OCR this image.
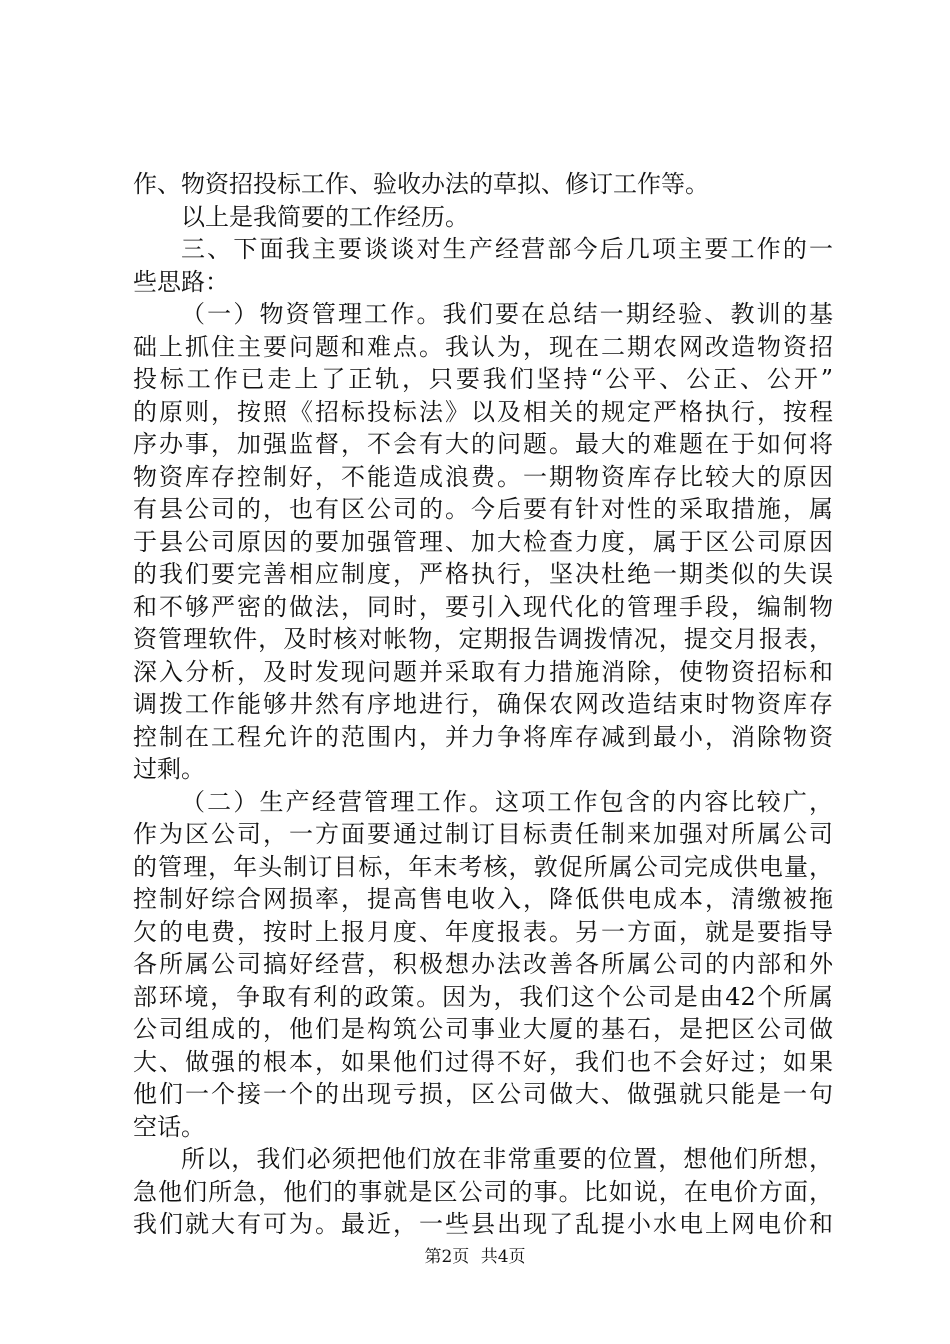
作、物资招投标工作、验收办法的草拟、修订工作等。
以上是我简要的工作经历。
三、下面我主要谈谈对生产经营部今后几项主要工作的一
些思路：
（一）物资管理工作。我们要在总结一期经验、教训的基
础上抓住主要问题和难点。我认为，现在二期农网改造物资招
投标工作已走上了正轨，只要我们坚持“公平、公正、公开”
的原则，按照《招标投标法》以及相关的规定严格执行，按程
序办事，加强监督，不会有大的问题。最大的难题在于如何将
物资库存控制好，不能造成浪费。一期物资库存比较大的原因
有县公司的，也有区公司的。今后要有针对性的采取措施，属
于县公司原因的要加强管理、加大检查力度，属于区公司原因
的我们要完善相应制度，严格执行，坚决杜绝一期类似的失误
和不够严密的做法，同时，要引入现代化的管理手段，编制物
资管理软件，及时核对帐物，定期报告调拨情况，提交月报表，
深入分析，及时发现问题并采取有力措施消除，使物资招标和
调拨工作能够井然有序地进行，确保农网改造结束时物资库存
控制在工程允许的范围内，并力争将库存减到最小，消除物资
过剩。
（二）生产经营管理工作。这项工作包含的内容比较广，
作为区公司，一方面要通过制订目标责任制来加强对所属公司
的管理，年头制订目标，年末考核，敦促所属公司完成供电量，
控制好综合网损率，提高售电收入，降低供电成本，清缴被拖
欠的电费，按时上报月度、年度报表。另一方面，就是要指导
各所属公司搞好经营，积极想办法改善各所属公司的内部和外
部环境，争取有利的政策。因为，我们这个公司是由42个所属
公司组成的，他们是构筑公司事业大厦的基石，是把区公司做
大、做强的根本，如果他们过得不好，我们也不会好过；如果
他们一个接一个的出现亏损，区公司做大、做强就只能是一句
空话。
所以，我们必须把他们放在非常重要的位置，想他们所想，
急他们所急，他们的事就是区公司的事。比如说，在电价方面，
我们就大有可为。最近，一些县出现了乱提小水电上网电价和
第2页 共4页
